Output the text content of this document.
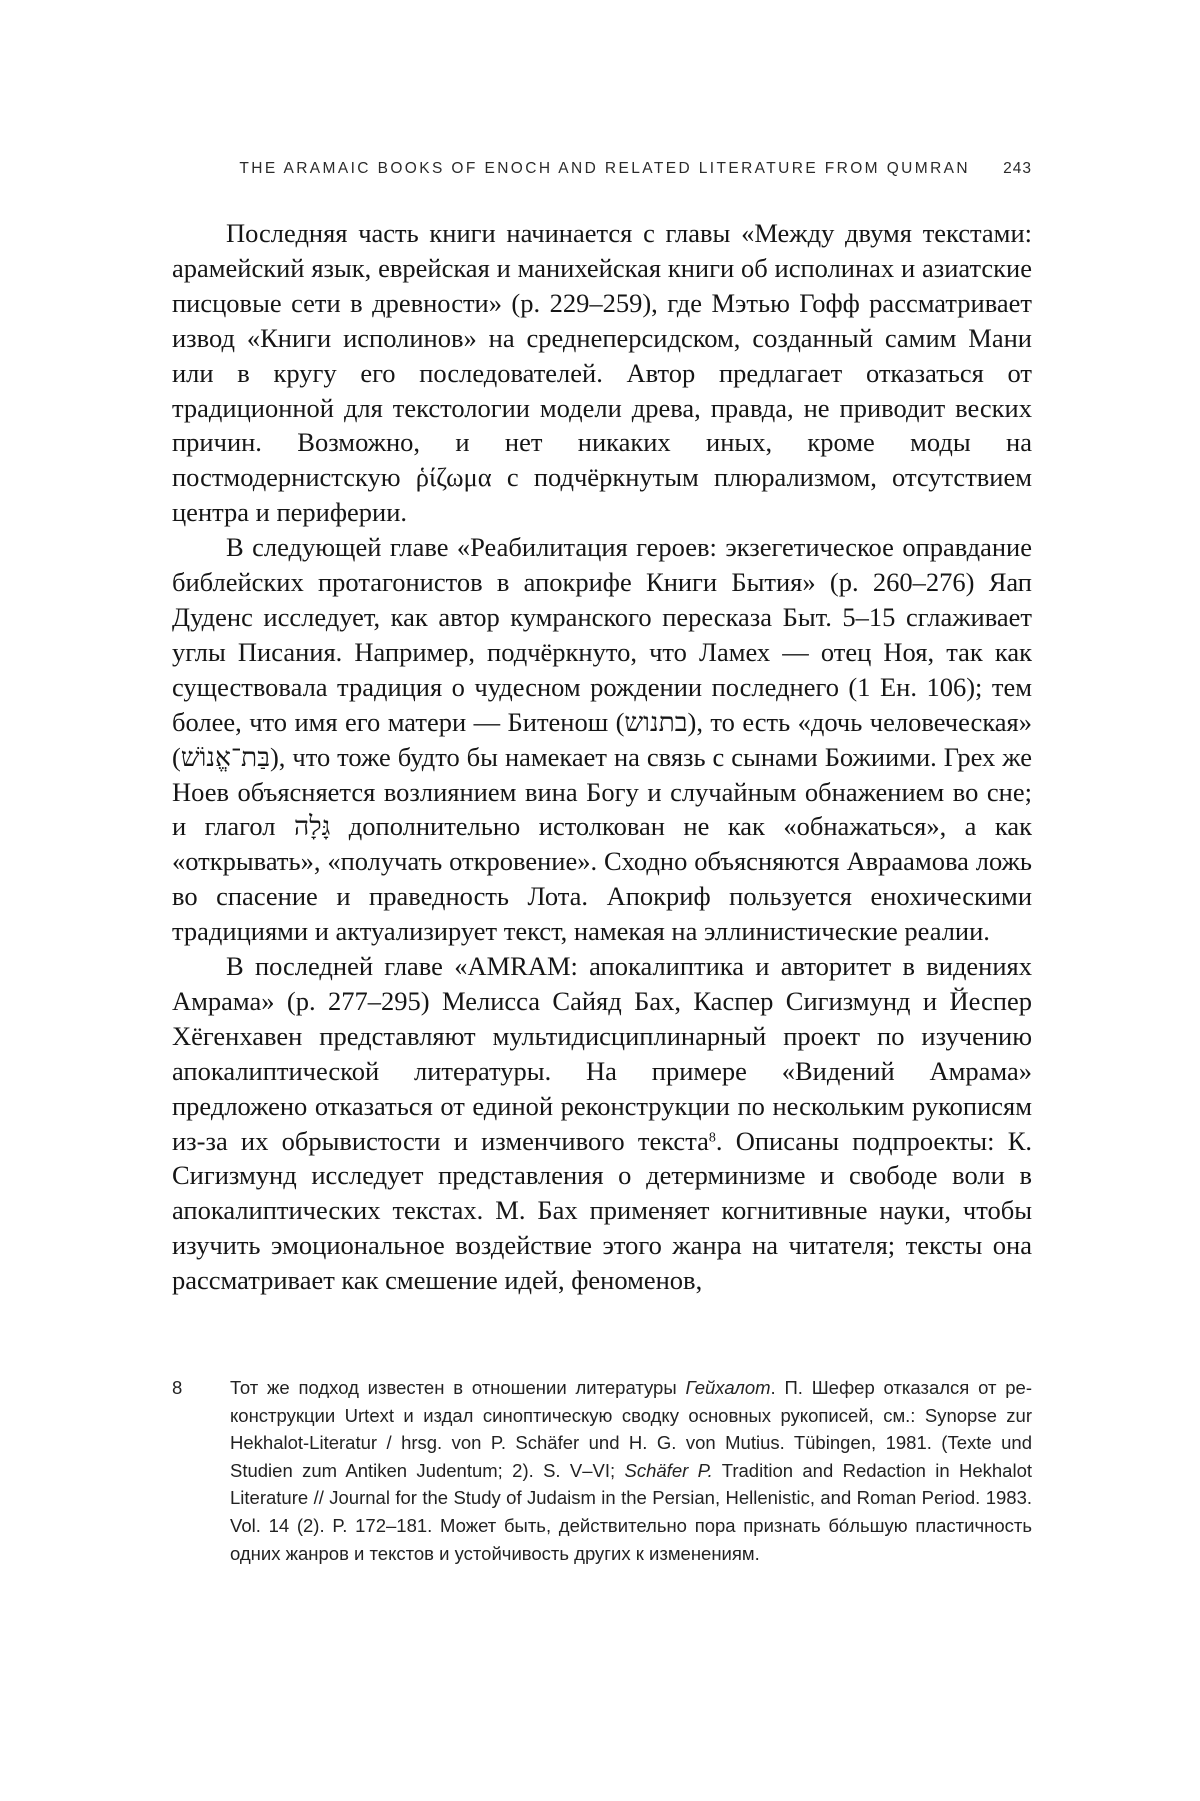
THE ARAMAIC BOOKS OF ENOCH AND RELATED LITERATURE FROM QUMRAN 243

Последняя часть книги начинается с главы «Между двумя текстами: арамейский язык, еврейская и манихейская книги об исполинах и азиатские писцовые сети в древности» (p. 229–259), где Мэтью Гофф рассматривает извод «Книги исполинов» на среднеперсидском, созданный самим Мани или в кругу его последователей. Автор предлагает отказаться от традиционной для текстологии модели древа, правда, не приводит веских причин. Возможно, и нет никаких иных, кроме моды на постмодернистскую ῥίζωμα с подчёркнутым плюрализмом, отсутствием центра и периферии.

В следующей главе «Реабилитация героев: экзегетическое оправдание библейских протагонистов в апокрифе Книги Бытия» (p. 260–276) Яап Дуденс исследует, как автор кумранского пересказа Быт. 5–15 сглаживает углы Писания. Например, подчёркнуто, что Ламех — отец Ноя, так как существовала традиция о чудесном рождении последнего (1 Ен. 106); тем более, что имя его матери — Битенош (בתנוש), то есть «дочь человеческая» (בַּת־אֱנוֹשׁ), что тоже будто бы намекает на связь с сынами Божиими. Грех же Ноев объясняется возлиянием вина Богу и случайным обнажением во сне; и глагол גָּלָה дополнительно истолкован не как «обнажаться», а как «открывать», «получать откровение». Сходно объясняются Авраамова ложь во спасение и праведность Лота. Апокриф пользуется енохическими традициями и актуализирует текст, намекая на эллинистические реалии.

В последней главе «AMRAM: апокалиптика и авторитет в видениях Амрама» (p. 277–295) Мелисса Сайяд Бах, Каспер Сигизмунд и Йеспер Хёгенхавен представляют мультидисциплинарный проект по изучению апокалиптической литературы. На примере «Видений Амрама» предложено отказаться от единой реконструкции по нескольким рукописям из-за их обрывистости и изменчивого текста$^8$. Описаны подпроекты: К. Сигизмунд исследует представления о детерминизме и свободе воли в апокалиптических текстах. М. Бах применяет когнитивные науки, чтобы изучить эмоциональное воздействие этого жанра на читателя; тексты она рассматривает как смешение идей, феноменов,

8	Тот же подход известен в отношении литературы Гейхалот. П. Шефер отказался от реконструкции Urtext и издал синоптическую сводку основных рукописей, см.: Synopse zur Hekhalot-Literatur / hrsg. von P. Schäfer und H. G. von Mutius. Tübingen, 1981. (Texte und Studien zum Antiken Judentum; 2). S. V–VI; Schäfer P. Tradition and Redaction in Hekhalot Literature // Journal for the Study of Judaism in the Persian, Hellenistic, and Roman Period. 1983. Vol. 14 (2). P. 172–181. Может быть, действительно пора признать бóльшую пластичность одних жанров и текстов и устойчивость других к изменениям.
